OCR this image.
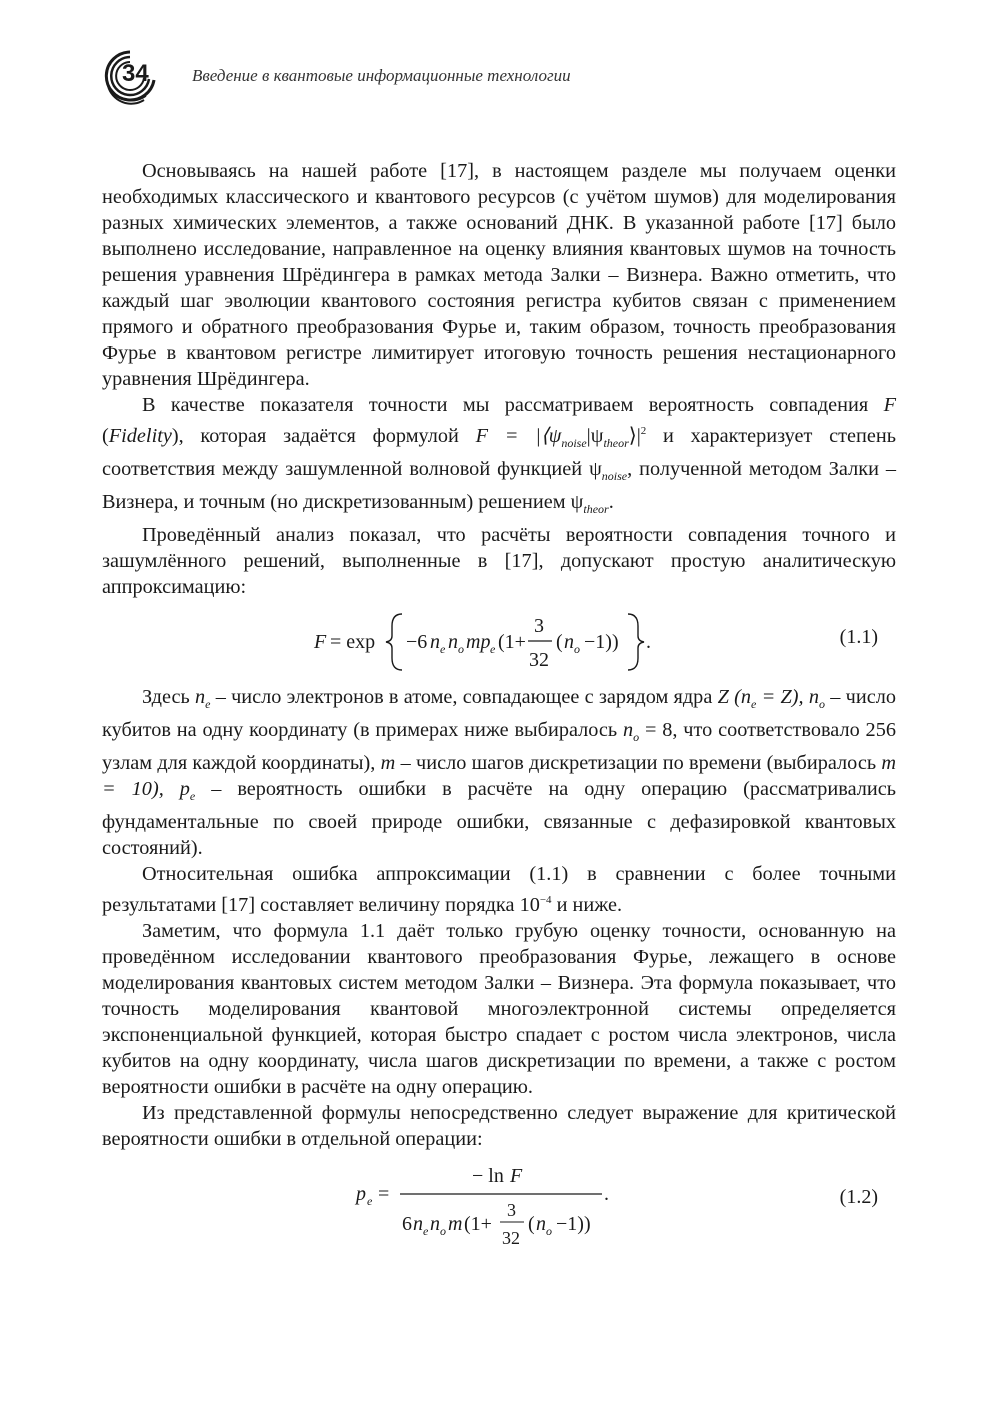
34	Введение в квантовые информационные технологии

Основываясь на нашей работе [17], в настоящем разделе мы получаем оценки необходимых классического и квантового ресурсов (с учётом шумов) для моделирования разных химических элементов, а также оснований ДНК. В указанной работе [17] было выполнено исследование, направленное на оценку влияния квантовых шумов на точность решения уравнения Шрёдингера в рамках метода Залки – Визнера. Важно отметить, что каждый шаг эволюции квантового состояния регистра кубитов связан с применением прямого и обратного преобразования Фурье и, таким образом, точность преобразования Фурье в квантовом регистре лимитирует итоговую точность решения нестационарного уравнения Шрёдингера.

В качестве показателя точности мы рассматриваем вероятность совпадения F (Fidelity), которая задаётся формулой $F = |⟨\psi_{noise}|\psi_{theor}⟩|^2$ и характеризует степень соответствия между зашумленной волновой функцией $\psi_{noise}$, полученной методом Залки – Визнера, и точным (но дискретизованным) решением $\psi_{theor}$.

Проведённый анализ показал, что расчёты вероятности совпадения точного и зашумлённого решений, выполненные в [17], допускают простую аналитическую аппроксимацию:

F = exp −6 n e n o mp e (1+
3
32
( n o −1)) .	(1.1)

Здесь $n_e$ – число электронов в атоме, совпадающее с зарядом ядра Z $(n_e = Z)$, $n_o$ – число кубитов на одну координату (в примерах ниже выбиралось $n_o = 8$, что соответствовало 256 узлам для каждой координаты), m – число шагов дискретизации по времени (выбиралось m = 10), $p_e$ – вероятность ошибки в расчёте на одну операцию (рассматривались фундаментальные по своей природе ошибки, связанные с дефазировкой квантовых состояний).

Относительная ошибка аппроксимации (1.1) в сравнении с более точными результатами [17] составляет величину порядка $10^{-4}$ и ниже.

Заметим, что формула 1.1 даёт только грубую оценку точности, основанную на проведённом исследовании квантового преобразования Фурье, лежащего в основе моделирования квантовых систем методом Залки – Визнера. Эта формула показывает, что точность моделирования квантовой многоэлектронной системы определяется экспоненциальной функцией, которая быстро спадает с ростом числа электронов, числа кубитов на одну координату, числа шагов дискретизации по времени, а также с ростом вероятности ошибки в расчёте на одну операцию.

Из представленной формулы непосредственно следует выражение для критической вероятности ошибки в отдельной операции:

p e =
− ln F
.
6 n e n o m (1+
3
32
( n o −1))
(1.2)
